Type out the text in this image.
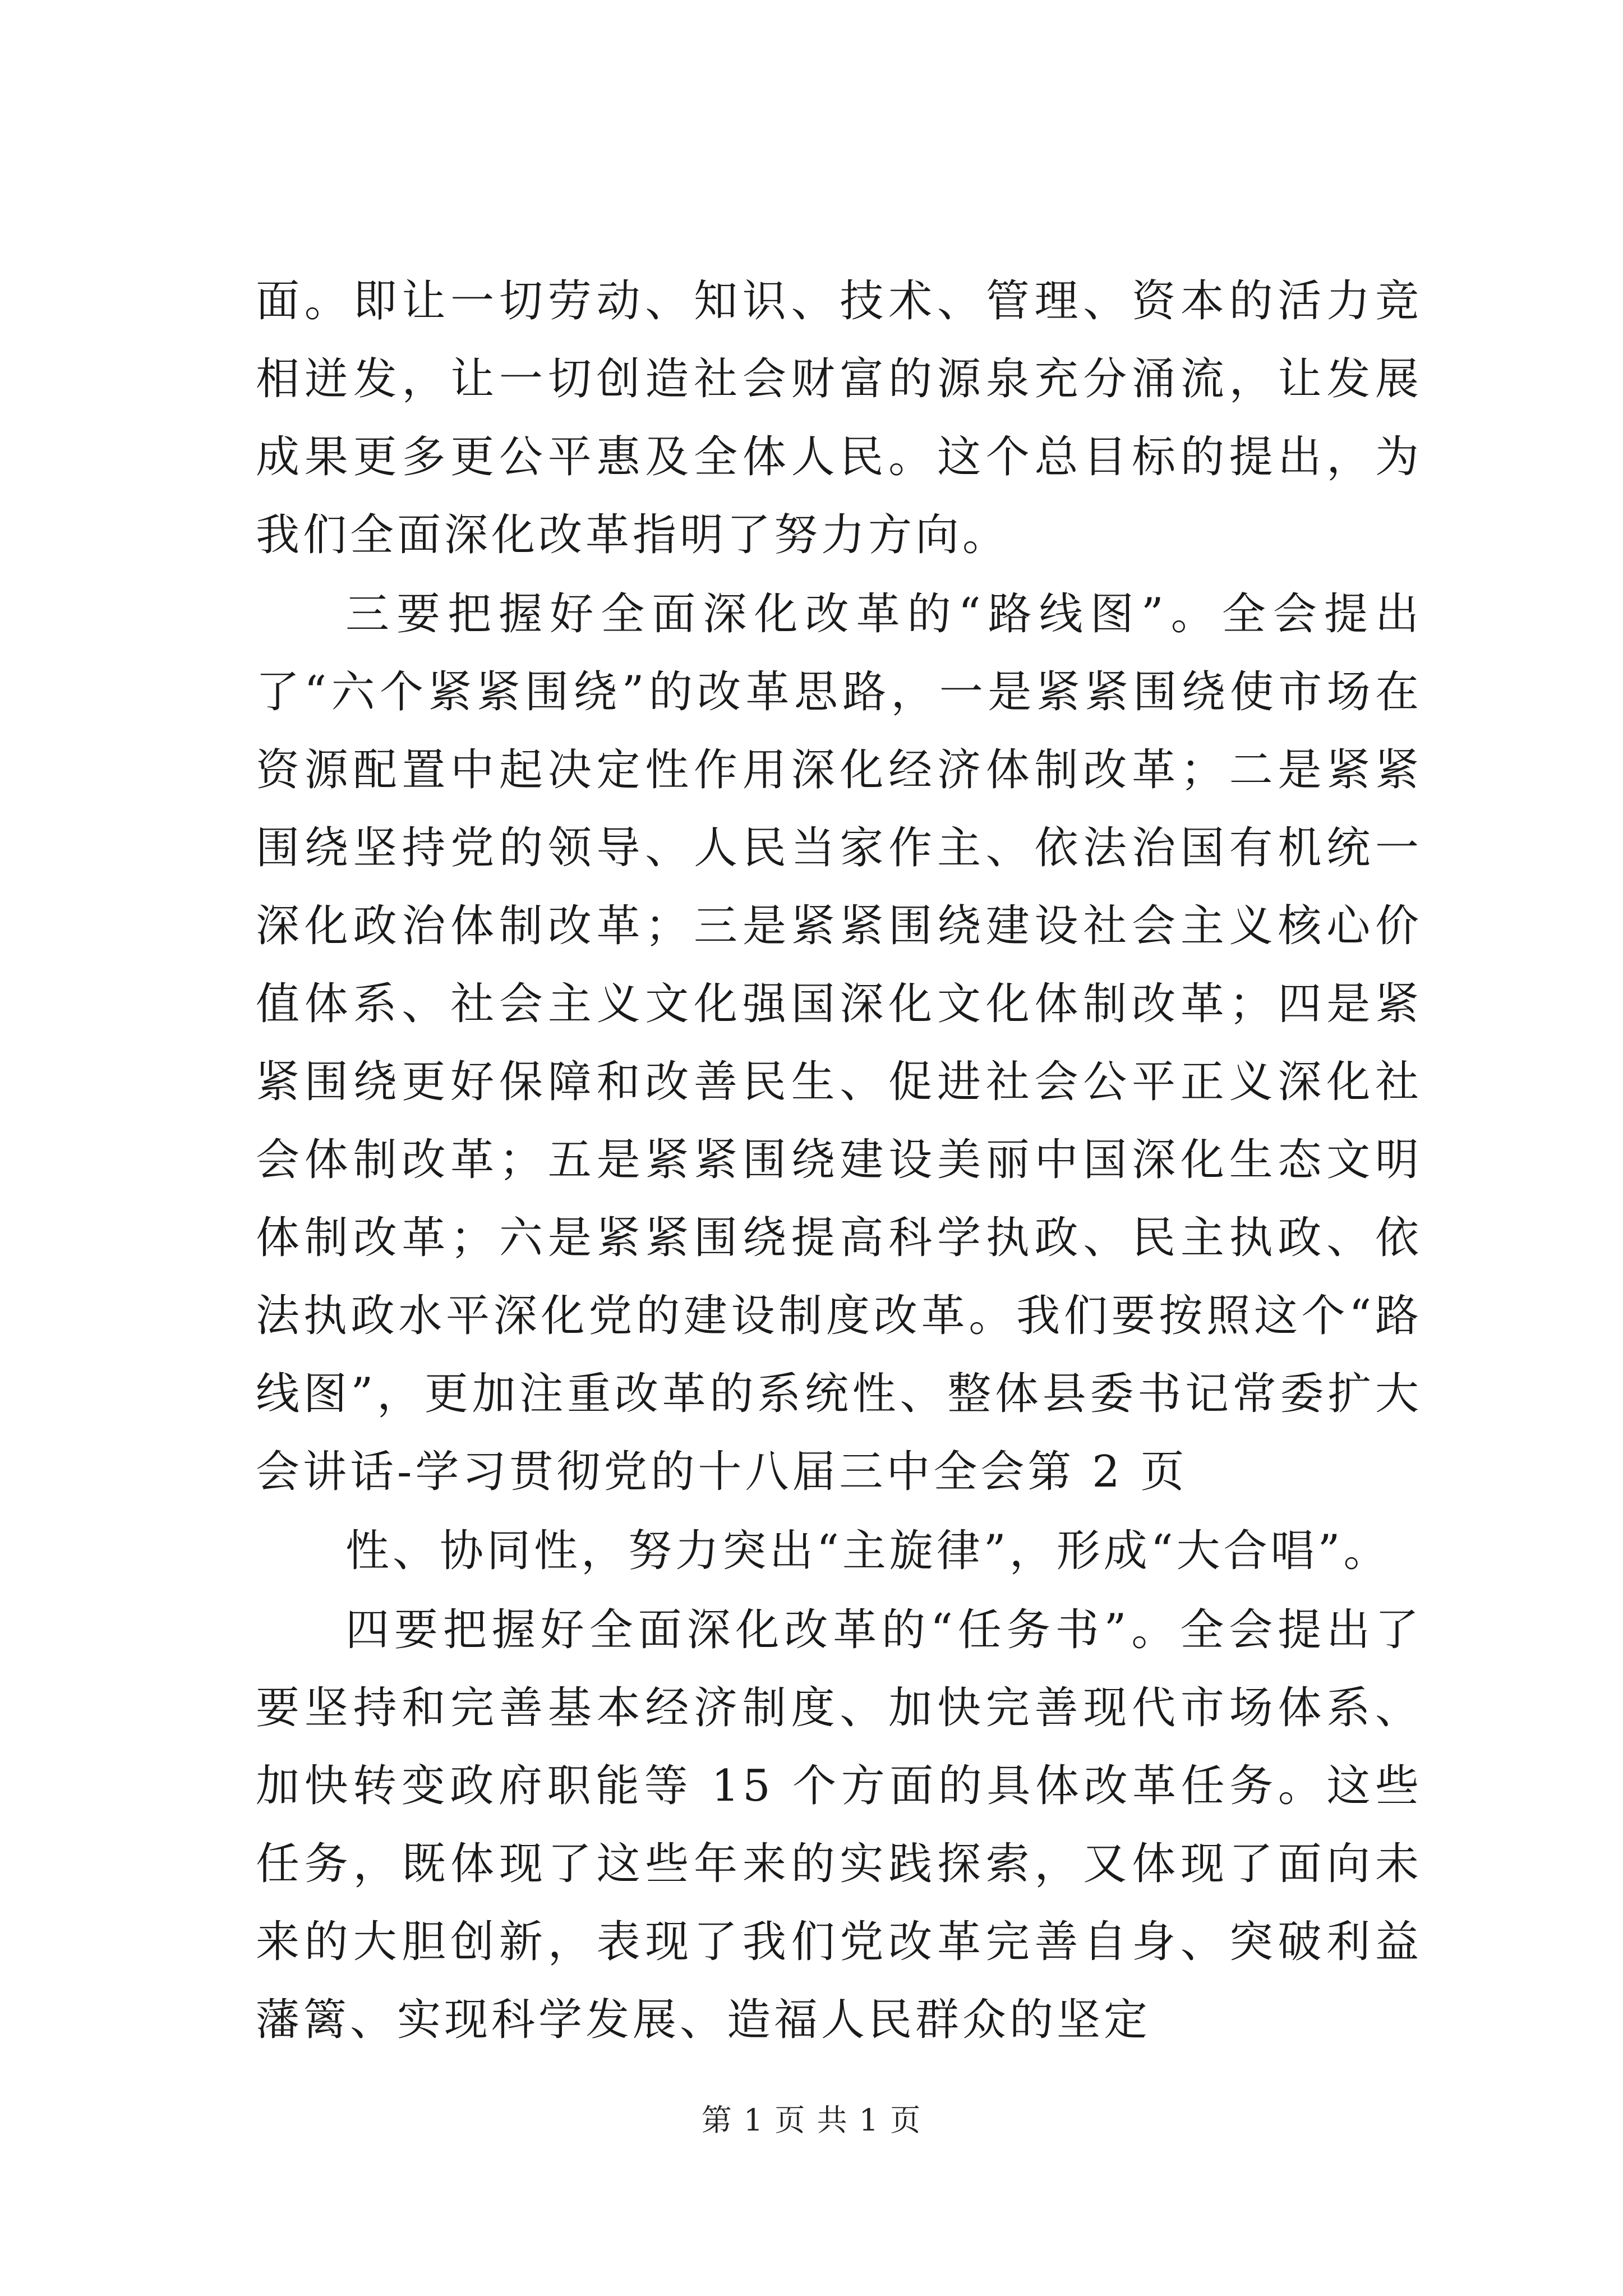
面。即让一切劳动、知识、技术、管理、资本的活力竞相迸发，让一切创造社会财富的源泉充分涌流，让发展成果更多更公平惠及全体人民。这个总目标的提出，为我们全面深化改革指明了努力方向。

三要把握好全面深化改革的“路线图”。全会提出了“六个紧紧围绕”的改革思路，一是紧紧围绕使市场在资源配置中起决定性作用深化经济体制改革；二是紧紧围绕坚持党的领导、人民当家作主、依法治国有机统一深化政治体制改革；三是紧紧围绕建设社会主义核心价值体系、社会主义文化强国深化文化体制改革；四是紧紧围绕更好保障和改善民生、促进社会公平正义深化社会体制改革；五是紧紧围绕建设美丽中国深化生态文明体制改革；六是紧紧围绕提高科学执政、民主执政、依法执政水平深化党的建设制度改革。我们要按照这个“路线图”，更加注重改革的系统性、整体县委书记常委扩大会讲话-学习贯彻党的十八届三中全会第 2 页

性、协同性，努力突出“主旋律”，形成“大合唱”。

四要把握好全面深化改革的“任务书”。全会提出了要坚持和完善基本经济制度、加快完善现代市场体系、加快转变政府职能等 15 个方面的具体改革任务。这些任务，既体现了这些年来的实践探索，又体现了面向未来的大胆创新，表现了我们党改革完善自身、突破利益藩篱、实现科学发展、造福人民群众的坚定

第 1 页 共 1 页
